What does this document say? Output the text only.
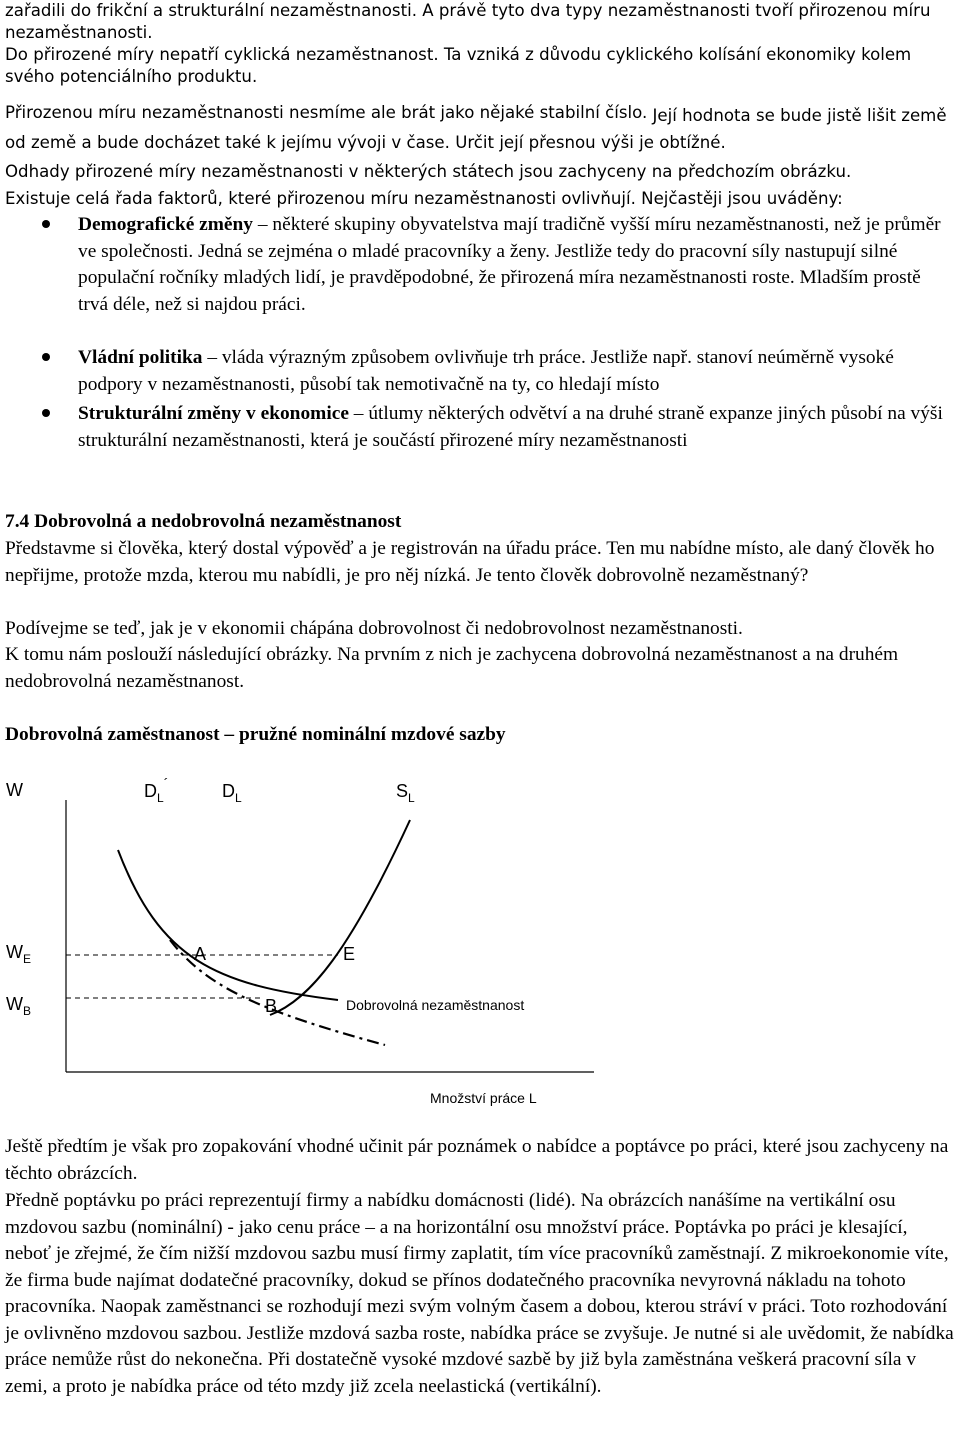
zařadili do frikční a strukturální nezaměstnanosti. A právě tyto dva typy nezaměstnanosti tvoří přirozenou míru nezaměstnanosti.

Do přirozené míry nepatří cyklická nezaměstnanost. Ta vzniká z důvodu cyklického kolísání ekonomiky kolem svého potenciálního produktu.

Přirozenou míru nezaměstnanosti nesmíme ale brát jako nějaké stabilní číslo. Její hodnota se bude jistě lišit země od země a bude docházet také k jejímu vývoji v čase. Určit její přesnou výši je obtížné.

Odhady přirozené míry nezaměstnanosti v některých státech jsou zachyceny na předchozím obrázku.

Existuje celá řada faktorů, které přirozenou míru nezaměstnanosti ovlivňují. Nejčastěji jsou uváděny:

Demografické změny – některé skupiny obyvatelstva mají tradičně vyšší míru nezaměstnanosti, než je průměr ve společnosti. Jedná se zejména o mladé pracovníky a ženy. Jestliže tedy do pracovní síly nastupují silné populační ročníky mladých lidí, je pravděpodobné, že přirozená míra nezaměstnanosti roste. Mladším prostě trvá déle, než si najdou práci.

Vládní politika – vláda výrazným způsobem ovlivňuje trh práce. Jestliže např. stanoví neúměrně vysoké podpory v nezaměstnanosti, působí tak nemotivačně na ty, co hledají místo

Strukturální změny v ekonomice – útlumy některých odvětví a na druhé straně expanze jiných působí na výši strukturální nezaměstnanosti, která je součástí přirozené míry nezaměstnanosti

7.4 Dobrovolná a nedobrovolná nezaměstnanost

Představme si člověka, který dostal výpověď a je registrován na úřadu práce. Ten mu nabídne místo, ale daný člověk ho nepřijme, protože mzda, kterou mu nabídli, je pro něj nízká. Je tento člověk dobrovolně nezaměstnaný?

Podívejme se teď, jak je v ekonomii chápána dobrovolnost či nedobrovolnost nezaměstnanosti.

K tomu nám poslouží následující obrázky. Na prvním z nich je zachycena dobrovolná nezaměstnanost a na druhém nedobrovolná nezaměstnanost.

Dobrovolná zaměstnanost – pružné nominální mzdové sazby

W	$D_L^´$	$D_L$	$S_L$
$W_E$
$W_B$
A	E
B	Dobrovolná nezaměstnanost
Množství práce L

Ještě předtím je však pro zopakování vhodné učinit pár poznámek o nabídce a poptávce po práci, které jsou zachyceny na těchto obrázcích.

Předně poptávku po práci reprezentují firmy a nabídku domácnosti (lidé). Na obrázcích nanášíme na vertikální osu mzdovou sazbu (nominální) - jako cenu práce – a na horizontální osu množství práce. Poptávka po práci je klesající, neboť je zřejmé, že čím nižší mzdovou sazbu musí firmy zaplatit, tím více pracovníků zaměstnají. Z mikroekonomie víte, že firma bude najímat dodatečné pracovníky, dokud se přínos dodatečného pracovníka nevyrovná nákladu na tohoto pracovníka. Naopak zaměstnanci se rozhodují mezi svým volným časem a dobou, kterou stráví v práci. Toto rozhodování je ovlivněno mzdovou sazbou. Jestliže mzdová sazba roste, nabídka práce se zvyšuje. Je nutné si ale uvědomit, že nabídka práce nemůže růst do nekonečna. Při dostatečně vysoké mzdové sazbě by již byla zaměstnána veškerá pracovní síla v zemi, a proto je nabídka práce od této mzdy již zcela neelastická (vertikální).
